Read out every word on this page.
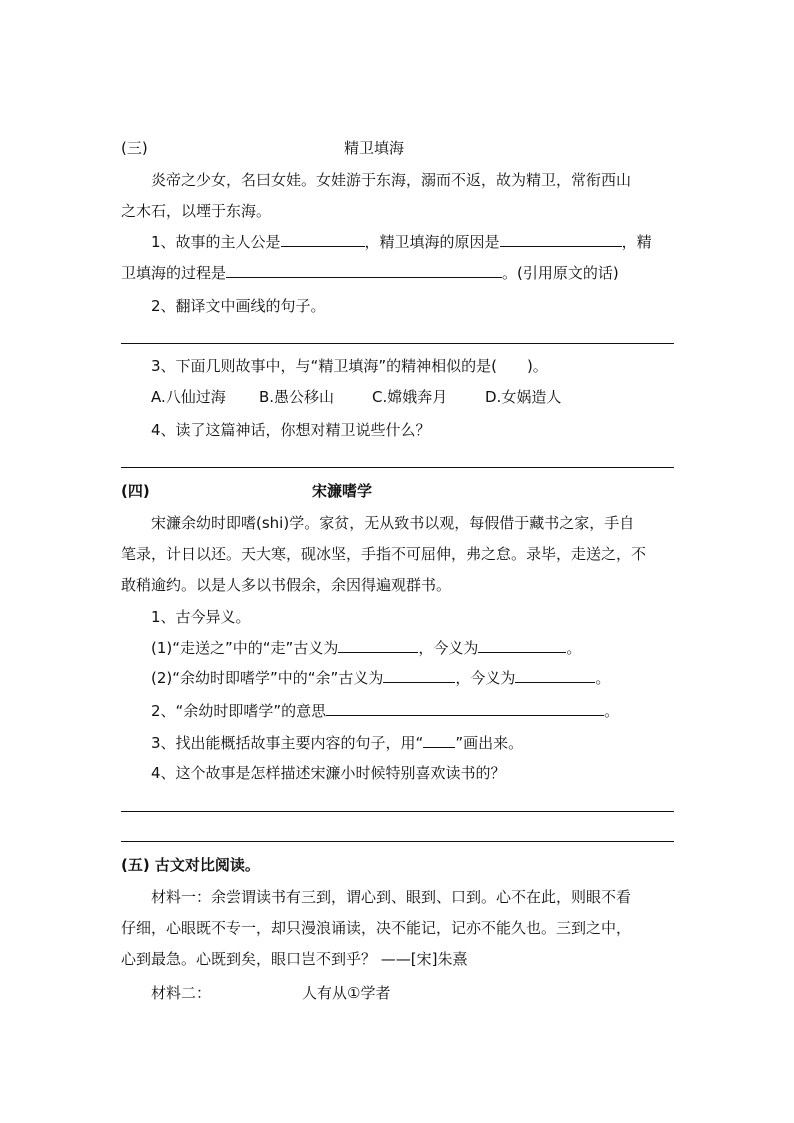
(三)	精卫填海
炎帝之少女，名曰女娃。女娃游于东海，溺而不返，故为精卫，常衔西山
之木石，以堙于东海。
1、故事的主人公是	，精卫填海的原因是	，精
卫填海的过程是	。(引用原文的话)
2、翻译文中画线的句子。
3、下面几则故事中，与“精卫填海”的精神相似的是(　　)。
A.八仙过海 B.愚公移山	C.嫦娥奔月	D.女娲造人
4、读了这篇神话，你想对精卫说些什么？
(四)	宋濂嗜学
宋濂余幼时即嗜(shi)学。家贫，无从致书以观，每假借于藏书之家，手自
笔录，计日以还。天大寒，砚冰坚，手指不可屈伸，弗之怠。录毕，走送之，不
敢稍逾约。以是人多以书假余，余因得遍观群书。
1、古今异义。
(1)“走送之”中的“走”古义为	，今义为	。
(2)“余幼时即嗜学”中的“余”古义为	，今义为	。
2、“余幼时即嗜学”的意思	。
3、找出能概括故事主要内容的句子，用“ ”画出来。
4、这个故事是怎样描述宋濂小时候特别喜欢读书的？
(五) 古文对比阅读。
材料一：余尝谓读书有三到，谓心到、眼到、口到。心不在此，则眼不看
仔细，心眼既不专一，却只漫浪诵读，决不能记，记亦不能久也。三到之中，
心到最急。心既到矣，眼口岂不到乎？ ——[宋]朱熹
材料二：	人有从①学者
